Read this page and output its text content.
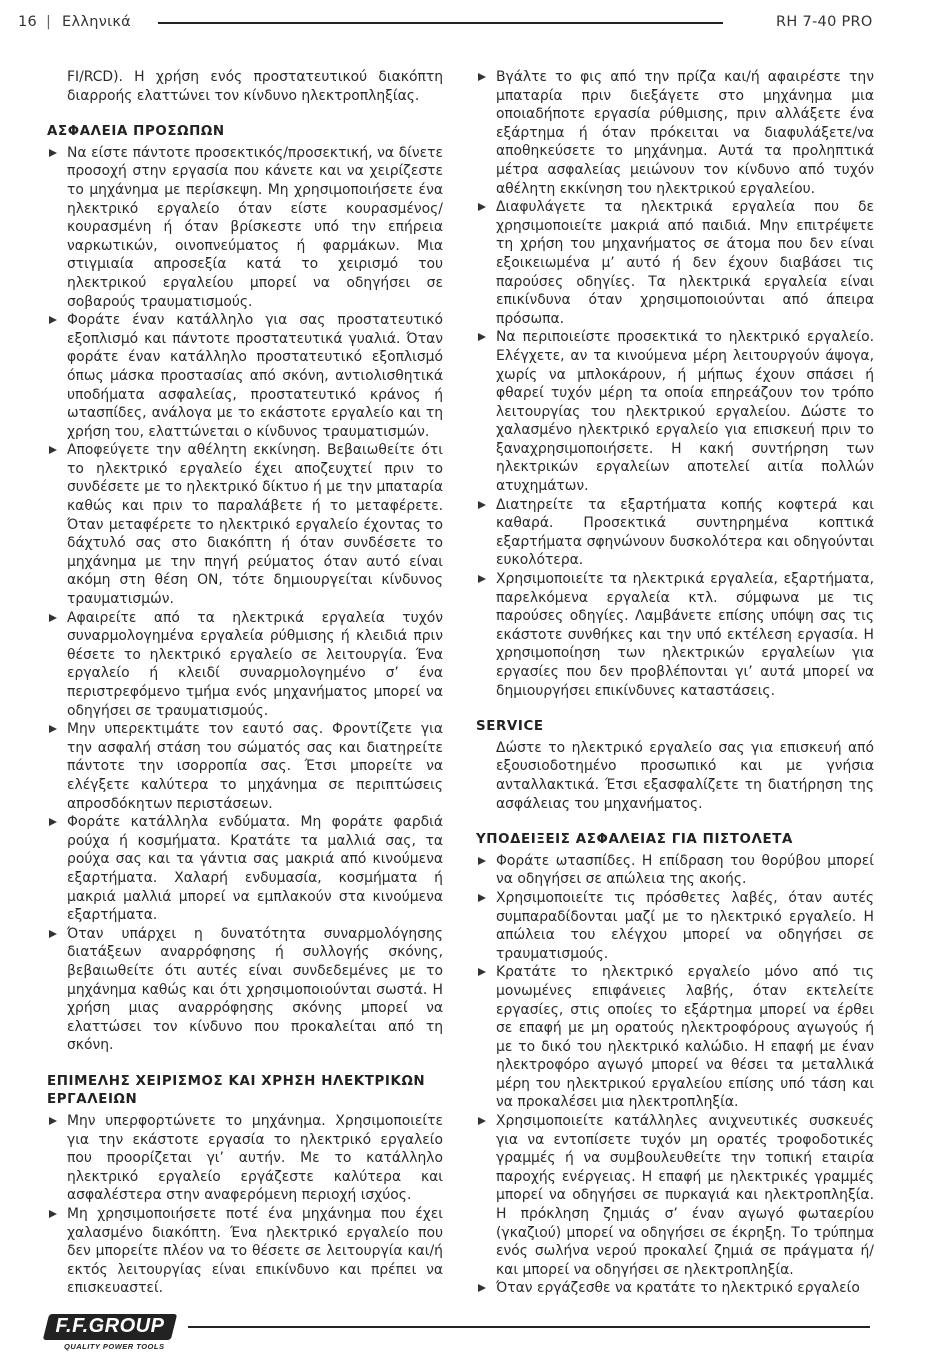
16 | Ελληνικά	RH 7-40 PRO

FI/RCD). Η χρήση ενός προστατευτικού διακόπτη διαρροής ελαττώνει τον κίνδυνο ηλεκτροπληξίας.

ΑΣΦΑΛΕΙΑ ΠΡΟΣΩΠΩΝ
Να είστε πάντοτε προσεκτικός/προσεκτική, να δίνετε προσοχή στην εργασία που κάνετε και να χειρίζεστε το μηχάνημα με περίσκεψη. Μη χρησιμοποιήσετε ένα ηλεκτρικό εργαλείο όταν είστε κουρασμένος/κουρασμένη ή όταν βρίσκεστε υπό την επήρεια ναρκωτικών, οινοπνεύματος ή φαρμάκων. Μια στιγμιαία απροσεξία κατά το χειρισμό του ηλεκτρικού εργαλείου μπορεί να οδηγήσει σε σοβαρούς τραυματισμούς.
Φοράτε έναν κατάλληλο για σας προστατευτικό εξοπλισμό και πάντοτε προστατευτικά γυαλιά. Όταν φοράτε έναν κατάλληλο προστατευτικό εξοπλισμό όπως μάσκα προστασίας από σκόνη, αντιολισθητικά υποδήματα ασφαλείας, προστατευτικό κράνος ή ωτασπίδες, ανάλογα με το εκάστοτε εργαλείο και τη χρήση του, ελαττώνεται ο κίνδυνος τραυματισμών.
Αποφεύγετε την αθέλητη εκκίνηση. Βεβαιωθείτε ότι το ηλεκτρικό εργαλείο έχει αποζευχτεί πριν το συνδέσετε με το ηλεκτρικό δίκτυο ή με την μπαταρία καθώς και πριν το παραλάβετε ή το μεταφέρετε. Όταν μεταφέρετε το ηλεκτρικό εργαλείο έχοντας το δάχτυλό σας στο διακόπτη ή όταν συνδέσετε το μηχάνημα με την πηγή ρεύματος όταν αυτό είναι ακόμη στη θέση ON, τότε δημιουργείται κίνδυνος τραυματισμών.
Αφαιρείτε από τα ηλεκτρικά εργαλεία τυχόν συναρμολογημένα εργαλεία ρύθμισης ή κλειδιά πριν θέσετε το ηλεκτρικό εργαλείο σε λειτουργία. Ένα εργαλείο ή κλειδί συναρμολογημένο σ’ ένα περιστρεφόμενο τμήμα ενός μηχανήματος μπορεί να οδηγήσει σε τραυματισμούς.
Μην υπερεκτιμάτε τον εαυτό σας. Φροντίζετε για την ασφαλή στάση του σώματός σας και διατηρείτε πάντοτε την ισορροπία σας. Έτσι μπορείτε να ελέγξετε καλύτερα το μηχάνημα σε περιπτώσεις απροσδόκητων περιστάσεων.
Φοράτε κατάλληλα ενδύματα. Μη φοράτε φαρδιά ρούχα ή κοσμήματα. Κρατάτε τα μαλλιά σας, τα ρούχα σας και τα γάντια σας μακριά από κινούμενα εξαρτήματα. Χαλαρή ενδυμασία, κοσμήματα ή μακριά μαλλιά μπορεί να εμπλακούν στα κινούμενα εξαρτήματα.
Όταν υπάρχει η δυνατότητα συναρμολόγησης διατάξεων αναρρόφησης ή συλλογής σκόνης, βεβαιωθείτε ότι αυτές είναι συνδεδεμένες με το μηχάνημα καθώς και ότι χρησιμοποιούνται σωστά. Η χρήση μιας αναρρόφησης σκόνης μπορεί να ελαττώσει τον κίνδυνο που προκαλείται από τη σκόνη.
ΕΠΙΜΕΛΗΣ ΧΕΙΡΙΣΜΟΣ ΚΑΙ ΧΡΗΣΗ ΗΛΕΚΤΡΙΚΩΝ ΕΡΓΑΛΕΙΩΝ
Μην υπερφορτώνετε το μηχάνημα. Χρησιμοποιείτε για την εκάστοτε εργασία το ηλεκτρικό εργαλείο που προορίζεται γι’ αυτήν. Με το κατάλληλο ηλεκτρικό εργαλείο εργάζεστε καλύτερα και ασφαλέστερα στην αναφερόμενη περιοχή ισχύος.
Μη χρησιμοποιήσετε ποτέ ένα μηχάνημα που έχει χαλασμένο διακόπτη. Ένα ηλεκτρικό εργαλείο που δεν μπορείτε πλέον να το θέσετε σε λειτουργία και/ή εκτός λειτουργίας είναι επικίνδυνο και πρέπει να επισκευαστεί.
Βγάλτε το φις από την πρίζα και/ή αφαιρέστε την μπαταρία πριν διεξάγετε στο μηχάνημα μια οποιαδήποτε εργασία ρύθμισης, πριν αλλάξετε ένα εξάρτημα ή όταν πρόκειται να διαφυλάξετε/να αποθηκεύσετε το μηχάνημα. Αυτά τα προληπτικά μέτρα ασφαλείας μειώνουν τον κίνδυνο από τυχόν αθέλητη εκκίνηση του ηλεκτρικού εργαλείου.
Διαφυλάγετε τα ηλεκτρικά εργαλεία που δε χρησιμοποιείτε μακριά από παιδιά. Μην επιτρέψετε τη χρήση του μηχανήματος σε άτομα που δεν είναι εξοικειωμένα μ’ αυτό ή δεν έχουν διαβάσει τις παρούσες οδηγίες. Τα ηλεκτρικά εργαλεία είναι επικίνδυνα όταν χρησιμοποιούνται από άπειρα πρόσωπα.
Να περιποιείστε προσεκτικά το ηλεκτρικό εργαλείο. Ελέγχετε, αν τα κινούμενα μέρη λειτουργούν άψογα, χωρίς να μπλοκάρουν, ή μήπως έχουν σπάσει ή φθαρεί τυχόν μέρη τα οποία επηρεάζουν τον τρόπο λειτουργίας του ηλεκτρικού εργαλείου. Δώστε το χαλασμένο ηλεκτρικό εργαλείο για επισκευή πριν το ξαναχρησιμοποιήσετε. Η κακή συντήρηση των ηλεκτρικών εργαλείων αποτελεί αιτία πολλών ατυχημάτων.
Διατηρείτε τα εξαρτήματα κοπής κοφτερά και καθαρά. Προσεκτικά συντηρημένα κοπτικά εξαρτήματα σφηνώνουν δυσκολότερα και οδηγούνται ευκολότερα.
Χρησιμοποιείτε τα ηλεκτρικά εργαλεία, εξαρτήματα, παρελκόμενα εργαλεία κτλ. σύμφωνα με τις παρούσες οδηγίες. Λαμβάνετε επίσης υπόψη σας τις εκάστοτε συνθήκες και την υπό εκτέλεση εργασία. Η χρησιμοποίηση των ηλεκτρικών εργαλείων για εργασίες που δεν προβλέπονται γι’ αυτά μπορεί να δημιουργήσει επικίνδυνες καταστάσεις.
SERVICE

Δώστε το ηλεκτρικό εργαλείο σας για επισκευή από εξουσιοδοτημένο προσωπικό και με γνήσια ανταλλακτικά. Έτσι εξασφαλίζετε τη διατήρηση της ασφάλειας του μηχανήματος.

ΥΠΟΔΕΙΞΕΙΣ ΑΣΦΑΛΕΙΑΣ ΓΙΑ ΠΙΣΤΟΛΕΤΑ
Φοράτε ωτασπίδες. Η επίδραση του θορύβου μπορεί να οδηγήσει σε απώλεια της ακοής.
Χρησιμοποιείτε τις πρόσθετες λαβές, όταν αυτές συμπαραδίδονται μαζί με το ηλεκτρικό εργαλείο. Η απώλεια του ελέγχου μπορεί να οδηγήσει σε τραυματισμούς.
Κρατάτε το ηλεκτρικό εργαλείο μόνο από τις μονωμένες επιφάνειες λαβής, όταν εκτελείτε εργασίες, στις οποίες το εξάρτημα μπορεί να έρθει σε επαφή με μη ορατούς ηλεκτροφόρους αγωγούς ή με το δικό του ηλεκτρικό καλώδιο. Η επαφή με έναν ηλεκτροφόρο αγωγό μπορεί να θέσει τα μεταλλικά μέρη του ηλεκτρικού εργαλείου επίσης υπό τάση και να προκαλέσει μια ηλεκτροπληξία.
Χρησιμοποιείτε κατάλληλες ανιχνευτικές συσκευές για να εντοπίσετε τυχόν μη ορατές τροφοδοτικές γραμμές ή να συμβουλευθείτε την τοπική εταιρία παροχής ενέργειας. Η επαφή με ηλεκτρικές γραμμές μπορεί να οδηγήσει σε πυρκαγιά και ηλεκτροπληξία. Η πρόκληση ζημιάς σ’ έναν αγωγό φωταερίου (γκαζιού) μπορεί να οδηγήσει σε έκρηξη. Το τρύπημα ενός σωλήνα νερού προκαλεί ζημιά σε πράγματα ή/ και μπορεί να οδηγήσει σε ηλεκτροπληξία.
Όταν εργάζεσθε να κρατάτε το ηλεκτρικό εργαλείο
F.F.GROUP
QUALITY POWER TOOLS
